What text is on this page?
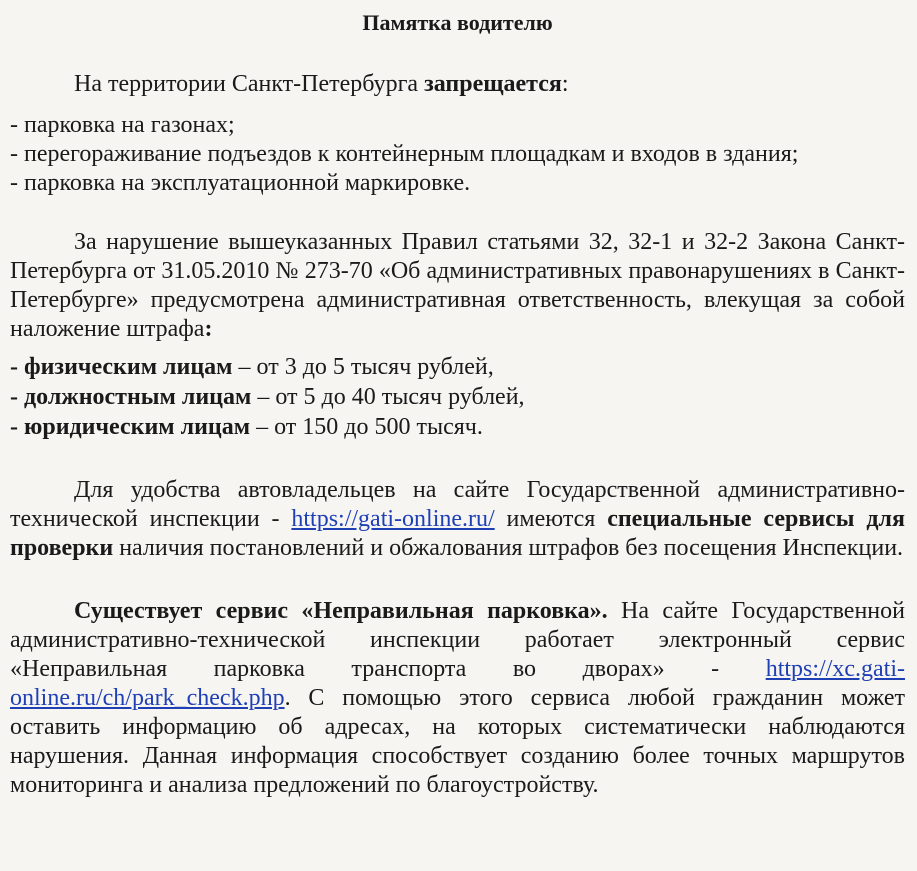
Памятка водителю

На территории Санкт-Петербурга запрещается:

- парковка на газонах;
- перегораживание подъездов к контейнерным площадкам и входов в здания;
- парковка на эксплуатационной маркировке.

За нарушение вышеуказанных Правил статьями 32, 32-1 и 32-2 Закона Санкт-Петербурга от 31.05.2010 № 273-70 «Об административных правонарушениях в Санкт-Петербурге» предусмотрена административная ответственность, влекущая за собой наложение штрафа:

- физическим лицам – от 3 до 5 тысяч рублей,
- должностным лицам – от 5 до 40 тысяч рублей,
- юридическим лицам – от 150 до 500 тысяч.

Для удобства автовладельцев на сайте Государственной административно-технической инспекции - https://gati-online.ru/ имеются специальные сервисы для проверки наличия постановлений и обжалования штрафов без посещения Инспекции.

Существует сервис «Неправильная парковка». На сайте Государственной административно-технической инспекции работает электронный сервис «Неправильная парковка транспорта во дворах» - https://xc.gati-online.ru/ch/park_check.php. С помощью этого сервиса любой гражданин может оставить информацию об адресах, на которых систематически наблюдаются нарушения. Данная информация способствует созданию более точных маршрутов мониторинга и анализа предложений по благоустройству.
